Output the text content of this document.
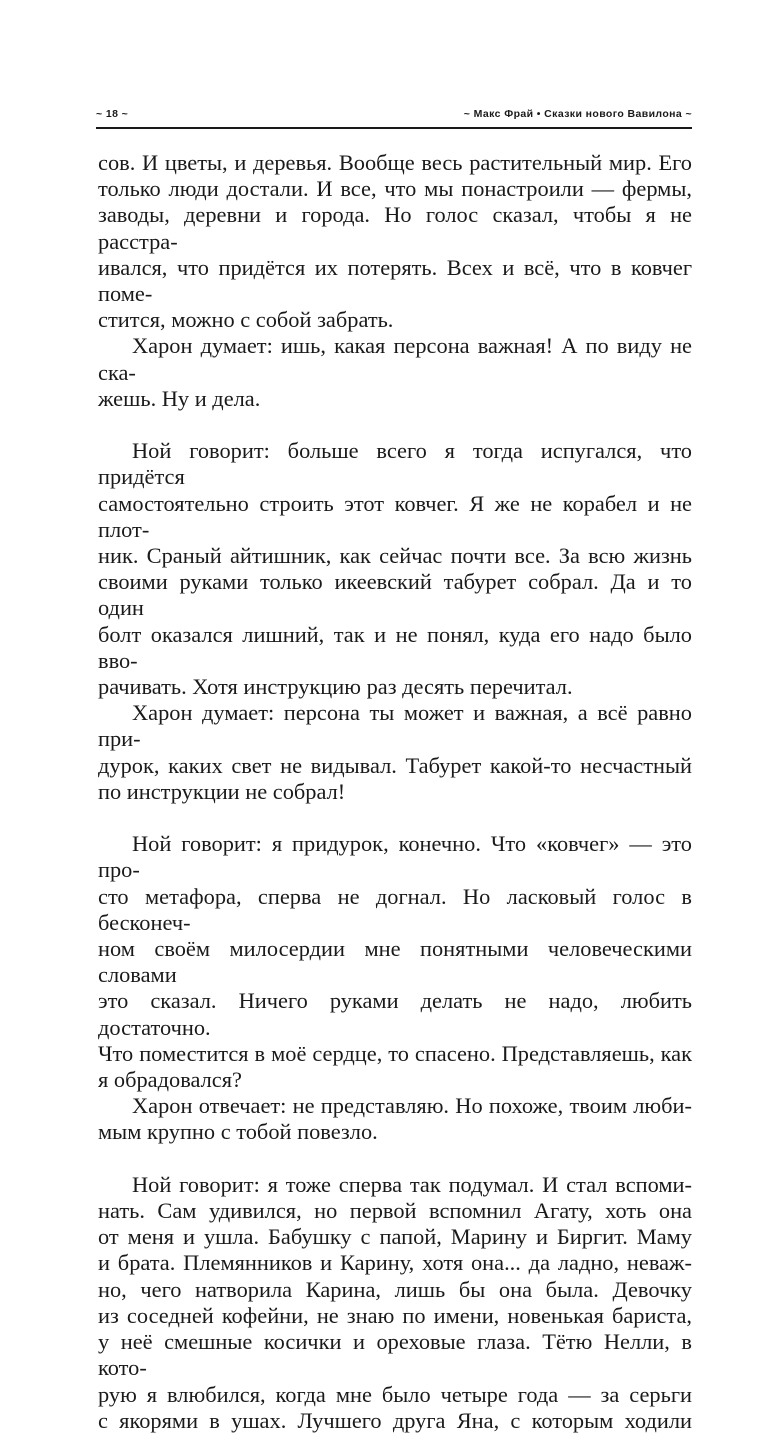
~ 18 ~	~ Макс Фрай • Сказки нового Вавилона ~

сов. И цветы, и деревья. Вообще весь растительный мир. Его
только люди достали. И все, что мы понастроили — фермы,
заводы, деревни и города. Но голос сказал, чтобы я не расстра-
ивался, что придётся их потерять. Всех и всё, что в ковчег поме-
стится, можно с собой забрать.

Харон думает: ишь, какая персона важная! А по виду не ска-
жешь. Ну и дела.

Ной говорит: больше всего я тогда испугался, что придётся
самостоятельно строить этот ковчег. Я же не корабел и не плот-
ник. Сраный айтишник, как сейчас почти все. За всю жизнь
своими руками только икеевский табурет собрал. Да и то один
болт оказался лишний, так и не понял, куда его надо было вво-
рачивать. Хотя инструкцию раз десять перечитал.

Харон думает: персона ты может и важная, а всё равно при-
дурок, каких свет не видывал. Табурет какой-то несчастный
по инструкции не собрал!

Ной говорит: я придурок, конечно. Что «ковчег» — это про-
сто метафора, сперва не догнал. Но ласковый голос в бесконеч-
ном своём милосердии мне понятными человеческими словами
это сказал. Ничего руками делать не надо, любить достаточно.
Что поместится в моё сердце, то спасено. Представляешь, как
я обрадовался?

Харон отвечает: не представляю. Но похоже, твоим люби-
мым крупно с тобой повезло.

Ной говорит: я тоже сперва так подумал. И стал вспоми-
нать. Сам удивился, но первой вспомнил Агату, хоть она
от меня и ушла. Бабушку с папой, Марину и Биргит. Маму
и брата. Племянников и Карину, хотя она... да ладно, неваж-
но, чего натворила Карина, лишь бы она была. Девочку
из соседней кофейни, не знаю по имени, новенькая бариста,
у неё смешные косички и ореховые глаза. Тётю Нелли, в кото-
рую я влюбился, когда мне было четыре года — за серьги
с якорями в ушах. Лучшего друга Яна, с которым ходили
